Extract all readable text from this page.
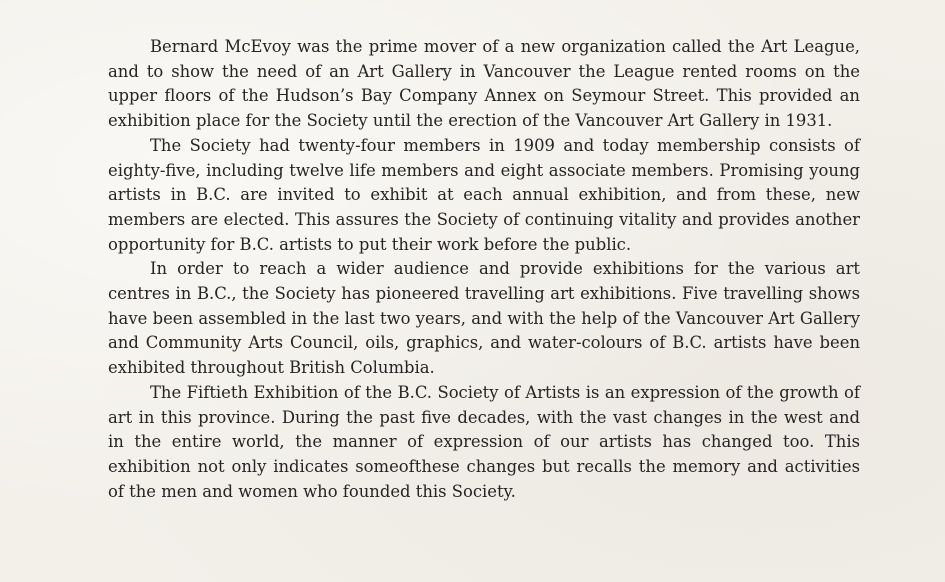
Bernard McEvoy was the prime mover of a new organization called the Art League, and to show the need of an Art Gallery in Vancouver the League rented rooms on the upper floors of the Hudson’s Bay Company Annex on Seymour Street. This provided an exhibition place for the Society until the erection of the Vancouver Art Gallery in 1931.

The Society had twenty-four members in 1909 and today membership consists of eighty-five, including twelve life members and eight associate members. Promising young artists in B.C. are invited to exhibit at each annual exhibition, and from these, new members are elected. This assures the Society of continuing vitality and provides another opportunity for B.C. artists to put their work before the public.

In order to reach a wider audience and provide exhibitions for the various art centres in B.C., the Society has pioneered travelling art exhibitions. Five travelling shows have been assembled in the last two years, and with the help of the Vancouver Art Gallery and Community Arts Council, oils, graphics, and water-colours of B.C. artists have been exhibited throughout British Columbia.

The Fiftieth Exhibition of the B.C. Society of Artists is an expression of the growth of art in this province. During the past five decades, with the vast changes in the west and in the entire world, the manner of expression of our artists has changed too. This exhibition not only indicates someofthese changes but recalls the memory and activities of the men and women who founded this Society.
